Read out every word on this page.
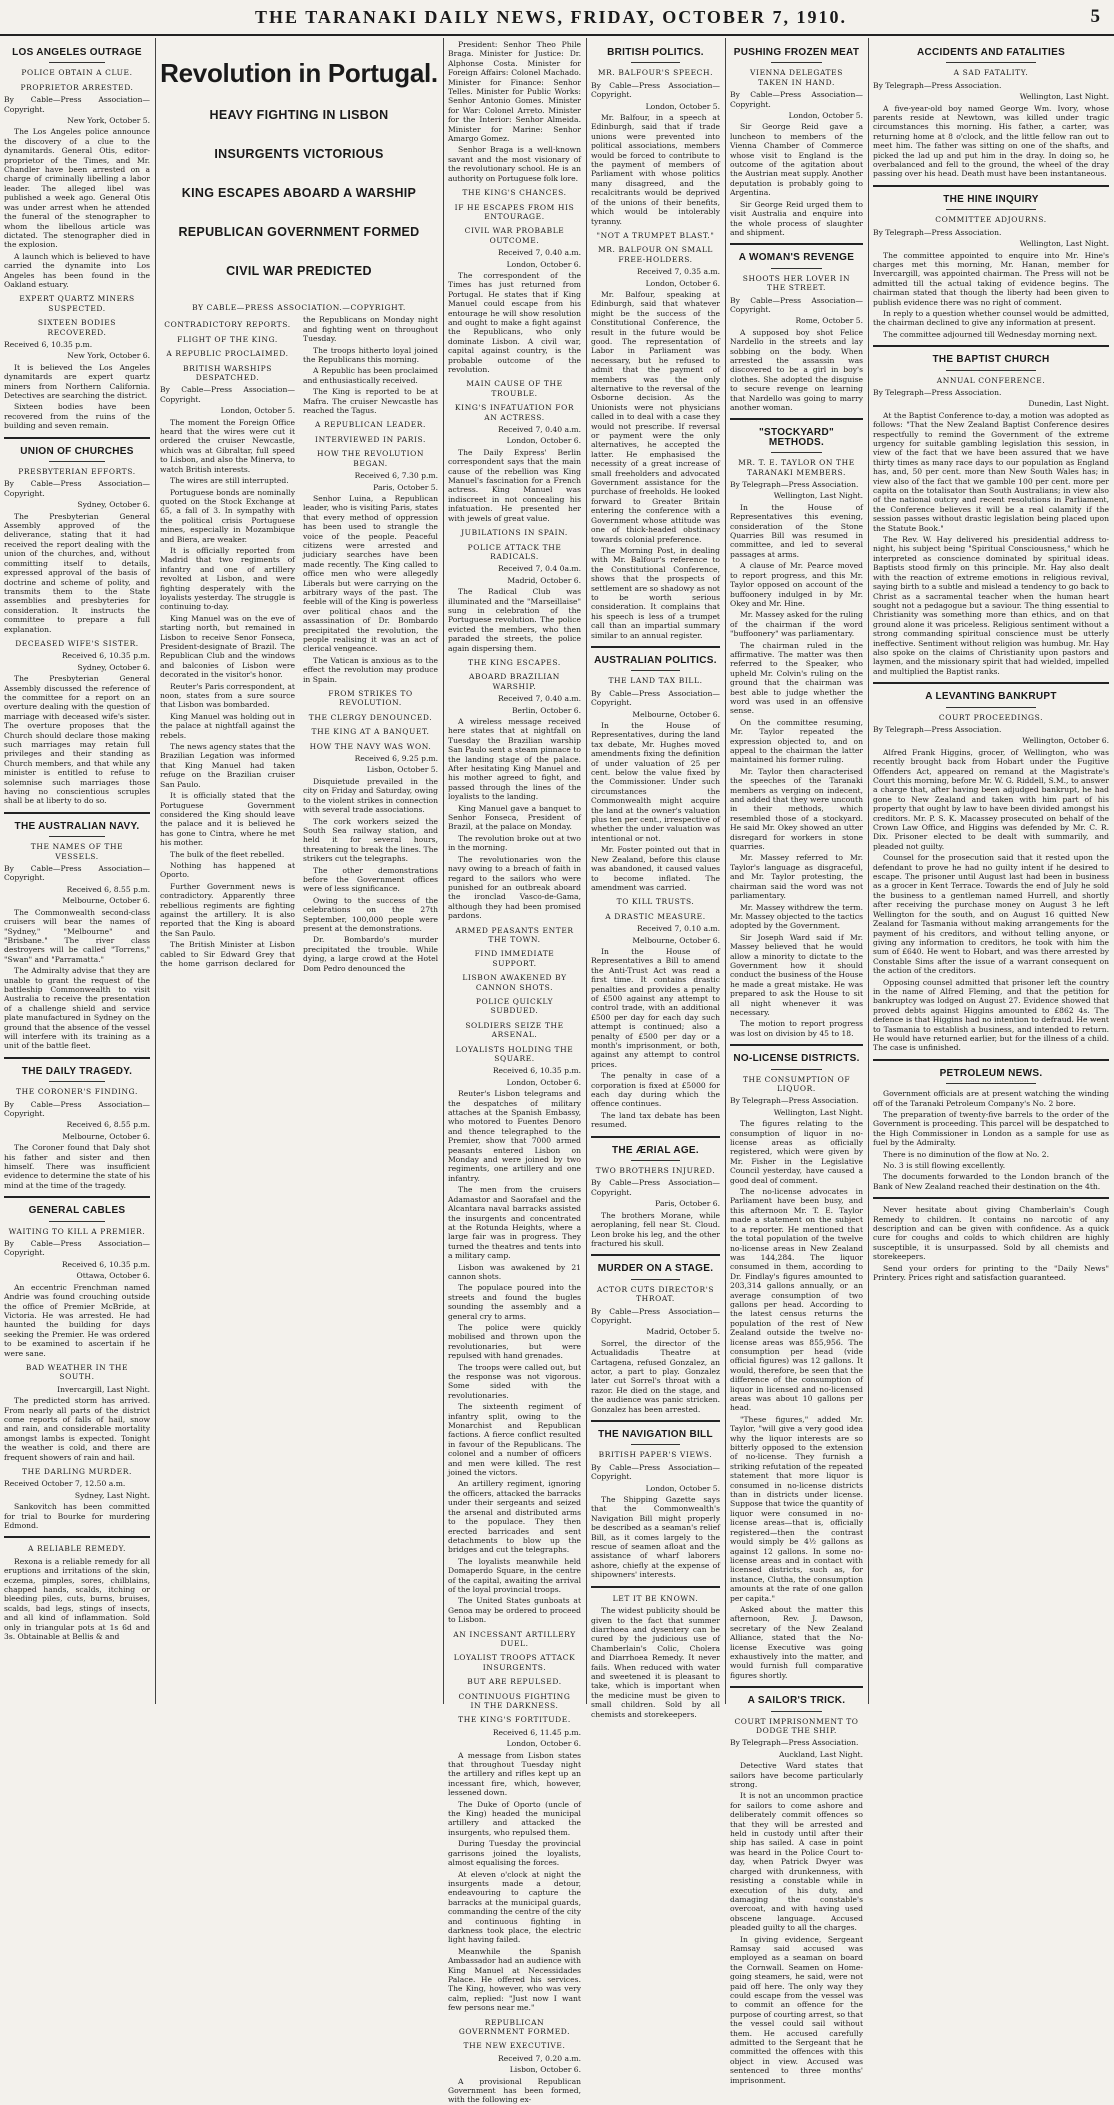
THE TARANAKI DAILY NEWS, FRIDAY, OCTOBER 7, 1910.	5
LOS ANGELES OUTRAGE
POLICE OBTAIN A CLUE.
PROPRIETOR ARRESTED.

By Cable—Press Association—Copyright.

New York, October 5.

The Los Angeles police announce the discovery of a clue to the dynamitards. General Otis, editor-proprietor of the Times, and Mr. Chandler have been arrested on a charge of criminally libelling a labor leader. The alleged libel was published a week ago. General Otis was under arrest when he attended the funeral of the stenographer to whom the libellous article was dictated. The stenographer died in the explosion.

A launch which is believed to have carried the dynamite into Los Angeles has been found in the Oakland estuary.

EXPERT QUARTZ MINERS SUSPECTED.
SIXTEEN BODIES RECOVERED.

Received 6, 10.35 p.m.

New York, October 6.

It is believed the Los Angeles dynamitards are expert quartz miners from Northern California. Detectives are searching the district.

Sixteen bodies have been recovered from the ruins of the building and seven remain.

UNION OF CHURCHES
PRESBYTERIAN EFFORTS.

By Cable—Press Association—Copyright.

Sydney, October 6.

The Presbyterian General Assembly approved of the deliverance, stating that it had received the report dealing with the union of the churches, and, without committing itself to details, expressed approval of the basis of doctrine and scheme of polity, and transmits them to the State assemblies and presbyteries for consideration. It instructs the committee to prepare a full explanation.

DECEASED WIFE'S SISTER.

Received 6, 10.35 p.m.

Sydney, October 6.

The Presbyterian General Assembly discussed the reference of the committee for a report on an overture dealing with the question of marriage with deceased wife's sister. The overture proposes that the Church should declare those making such marriages may retain full privileges and their standing as Church members, and that while any minister is entitled to refuse to solemnise such marriages those having no conscientious scruples shall be at liberty to do so.

THE AUSTRALIAN NAVY.
THE NAMES OF THE VESSELS.

By Cable—Press Association—Copyright.

Received 6, 8.55 p.m.

Melbourne, October 6.

The Commonwealth second-class cruisers will bear the names of "Sydney," "Melbourne" and "Brisbane." The river class destroyers will be called "Torrens," "Swan" and "Parramatta."

The Admiralty advise that they are unable to grant the request of the battleship Commonwealth to visit Australia to receive the presentation of a challenge shield and service plate manufactured in Sydney on the ground that the absence of the vessel will interfere with its training as a unit of the battle fleet.

THE DAILY TRAGEDY.
THE CORONER'S FINDING.

By Cable—Press Association—Copyright.

Received 6, 8.55 p.m.

Melbourne, October 6.

The Coroner found that Daly shot his father and sister and then himself. There was insufficient evidence to determine the state of his mind at the time of the tragedy.

GENERAL CABLES
WAITING TO KILL A PREMIER.

By Cable—Press Association—Copyright.

Received 6, 10.35 p.m.

Ottawa, October 6.

An eccentric Frenchman named Andrie was found crouching outside the office of Premier McBride, at Victoria. He was arrested. He had haunted the building for days seeking the Premier. He was ordered to be examined to ascertain if he were sane.

BAD WEATHER IN THE SOUTH.

Invercargill, Last Night.

The predicted storm has arrived. From nearly all parts of the district come reports of falls of hail, snow and rain, and considerable mortality amongst lambs is expected. Tonight the weather is cold, and there are frequent showers of rain and hail.

THE DARLING MURDER.

Received October 7, 12.50 a.m.

Sydney, Last Night.

Sankovitch has been committed for trial to Bourke for murdering Edmond.

A RELIABLE REMEDY.

Rexona is a reliable remedy for all eruptions and irritations of the skin, eczema, pimples, sores, chilblains, chapped hands, scalds, itching or bleeding piles, cuts, burns, bruises, scalds, bad legs, stings of insects, and all kind of inflammation. Sold only in triangular pots at 1s 6d and 3s. Obtainable at Bellis & and

Revolution in Portugal.
HEAVY FIGHTING IN LISBON
INSURGENTS VICTORIOUS
KING ESCAPES ABOARD A WARSHIP
REPUBLICAN GOVERNMENT FORMED
CIVIL WAR PREDICTED
BY CABLE—PRESS ASSOCIATION.—COPYRIGHT.
CONTRADICTORY REPORTS.
FLIGHT OF THE KING.
A REPUBLIC PROCLAIMED.
BRITISH WARSHIPS DESPATCHED.

By Cable—Press Association—Copyright.

London, October 5.

The moment the Foreign Office heard that the wires were cut it ordered the cruiser Newcastle, which was at Gibraltar, full speed to Lisbon, and also the Minerva, to watch British interests.

The wires are still interrupted.

Portuguese bonds are nominally quoted on the Stock Exchange at 65, a fall of 3. In sympathy with the political crisis Portuguese mines, especially in Mozambique and Biera, are weaker.

It is officially reported from Madrid that two regiments of infantry and one of artillery revolted at Lisbon, and were fighting desperately with the loyalists yesterday. The struggle is continuing to-day.

King Manuel was on the eve of starting north, but remained in Lisbon to receive Senor Fonseca, President-designate of Brazil. The Republican Club and the windows and balconies of Lisbon were decorated in the visitor's honor.

Reuter's Paris correspondent, at noon, states from a sure source that Lisbon was bombarded.

King Manuel was holding out in the palace at nightfall against the rebels.

The news agency states that the Brazilian Legation was informed that King Manuel had taken refuge on the Brazilian cruiser San Paulo.

It is officially stated that the Portuguese Government considered the King should leave the palace and it is believed he has gone to Cintra, where he met his mother.

The bulk of the fleet rebelled.

Nothing has happened at Oporto.

Further Government news is contradictory. Apparently three rebellious regiments are fighting against the artillery. It is also reported that the King is aboard the San Paulo.

The British Minister at Lisbon cabled to Sir Edward Grey that the home garrison declared for the Republicans on Monday night and fighting went on throughout Tuesday.

The troops hitherto loyal joined the Republicans this morning.

A Republic has been proclaimed and enthusiastically received.

The King is reported to be at Mafra. The cruiser Newcastle has reached the Tagus.

A REPUBLICAN LEADER.
INTERVIEWED IN PARIS.
HOW THE REVOLUTION BEGAN.

Received 6, 7.30 p.m.

Paris, October 5.

Senhor Luina, a Republican leader, who is visiting Paris, states that every method of oppression has been used to strangle the voice of the people. Peaceful citizens were arrested and judiciary searches have been made recently. The King called to office men who were allegedly Liberals but were carrying on the arbitrary ways of the past. The feeble will of the King is powerless over political chaos and the assassination of Dr. Bombardo precipitated the revolution, the people realising it was an act of clerical vengeance.

The Vatican is anxious as to the effect the revolution may produce in Spain.

FROM STRIKES TO REVOLUTION.
THE CLERGY DENOUNCED.
THE KING AT A BANQUET.
HOW THE NAVY WAS WON.

Received 6, 9.25 p.m.

Lisbon, October 5.

Disquietude prevailed in the city on Friday and Saturday, owing to the violent strikes in connection with several trade associations.

The cork workers seized the South Sea railway station, and held it for several hours, threatening to break the lines. The strikers cut the telegraphs.

The other demonstrations before the Government offices were of less significance.

Owing to the success of the celebrations on the 27th September, 100,000 people were present at the demonstrations.

Dr. Bombardo's murder precipitated the trouble. While dying, a large crowd at the Hotel Dom Pedro denounced the

President: Senhor Theo Phile Braga. Minister for Justice: Dr. Alphonse Costa. Minister for Foreign Affairs: Colonel Machado. Minister for Finance: Senhor Telles. Minister for Public Works: Senhor Antonio Gomes. Minister for War: Colonel Arreto. Minister for the Interior: Senhor Almeida. Minister for Marine: Senhor Amargo Gomez.

Senhor Braga is a well-known savant and the most visionary of the revolutionary school. He is an authority on Portuguese folk lore.

THE KING'S CHANCES.
IF HE ESCAPES FROM HIS ENTOURAGE.
CIVIL WAR PROBABLE OUTCOME.

Received 7, 0.40 a.m.

London, October 6.

The correspondent of the Times has just returned from Portugal. He states that if King Manuel could escape from his entourage he will show resolution and ought to make a fight against the Republicans, who only dominate Lisbon. A civil war, capital against country, is the probable outcome of the revolution.

MAIN CAUSE OF THE TROUBLE.
KING'S INFATUATION FOR AN ACTRESS.

Received 7, 0.40 a.m.

London, October 6.

The Daily Express' Berlin correspondent says that the main cause of the rebellion was King Manuel's fascination for a French actress. King Manuel was indiscreet in not concealing his infatuation. He presented her with jewels of great value.

JUBILATIONS IN SPAIN.
POLICE ATTACK THE RADICALS.

Received 7, 0.4 0a.m.

Madrid, October 6.

The Radical Club was illuminated and the "Marseillaise" sung in celebration of the Portuguese revolution. The police evicted the members, who then paraded the streets, the police again dispersing them.

THE KING ESCAPES.
ABOARD BRAZILIAN WARSHIP.

Received 7, 0.40 a.m.

Berlin, October 6.

A wireless message received here states that at nightfall on Tuesday the Brazilian warship San Paulo sent a steam pinnace to the landing stage of the palace. After hesitating King Manuel and his mother agreed to fight, and passed through the lines of the loyalists to the landing.

King Manuel gave a banquet to Senhor Fonseca, President of Brazil, at the palace on Monday.

The revolution broke out at two in the morning.

The revolutionaries won the navy owing to a breach of faith in regard to the sailors who were punished for an outbreak aboard the ironclad Vasco-de-Gama, although they had been promised pardons.

ARMED PEASANTS ENTER THE TOWN.
FIND IMMEDIATE SUPPORT.
LISBON AWAKENED BY CANNON SHOTS.
POLICE QUICKLY SUBDUED.
SOLDIERS SEIZE THE ARSENAL.
LOYALISTS HOLDING THE SQUARE.

Received 6, 10.35 p.m.

London, October 6.

Reuter's Lisbon telegrams and the despatches of military attaches at the Spanish Embassy, who motored to Fuentes Denoro and thence telegraphed to the Premier, show that 7000 armed peasants entered Lisbon on Monday and were joined by two regiments, one artillery and one infantry.

The men from the cruisers Adamastor and Saorafael and the Alcantara naval barracks assisted the insurgents and concentrated at the Rotunda Heights, where a large fair was in progress. They turned the theatres and tents into a military camp.

Lisbon was awakened by 21 cannon shots.

The populace poured into the streets and found the bugles sounding the assembly and a general cry to arms.

The police were quickly mobilised and thrown upon the revolutionaries, but were repulsed with hand grenades.

The troops were called out, but the response was not vigorous. Some sided with the revolutionaries.

The sixteenth regiment of infantry split, owing to the Monarchist and Republican factions. A fierce conflict resulted in favour of the Republicans. The colonel and a number of officers and men were killed. The rest joined the victors.

An artillery regiment, ignoring the officers, attacked the barracks under their sergeants and seized the arsenal and distributed arms to the populace. They then erected barricades and sent detachments to blow up the bridges and cut the telegraphs.

The loyalists meanwhile held Domaperdo Square, in the centre of the capital, awaiting the arrival of the loyal provincial troops.

The United States gunboats at Genoa may be ordered to proceed to Lisbon.

AN INCESSANT ARTILLERY DUEL.
LOYALIST TROOPS ATTACK INSURGENTS.
BUT ARE REPULSED.
CONTINUOUS FIGHTING IN THE DARKNESS.
THE KING'S FORTITUDE.

Received 6, 11.45 p.m.

London, October 6.

A message from Lisbon states that throughout Tuesday night the artillery and rifles kept up an incessant fire, which, however, lessened down.

The Duke of Oporto (uncle of the King) headed the municipal artillery and attacked the insurgents, who repulsed them.

During Tuesday the provincial garrisons joined the loyalists, almost equalising the forces.

At eleven o'clock at night the insurgents made a detour, endeavouring to capture the barracks at the municipal guards, commanding the centre of the city and continuous fighting in darkness took place, the electric light having failed.

Meanwhile the Spanish Ambassador had an audience with King Manuel at Necessidades Palace. He offered his services. The King, however, who was very calm, replied: "Just now I want few persons near me."

REPUBLICAN GOVERNMENT FORMED.
THE NEW EXECUTIVE.

Received 7, 0.20 a.m.

Lisbon, October 6.

A provisional Republican Government has been formed, with the following ex-

BRITISH POLITICS.
MR. BALFOUR'S SPEECH.

By Cable—Press Association—Copyright.

London, October 5.

Mr. Balfour, in a speech at Edinburgh, said that if trade unions were prevented into political associations, members would be forced to contribute to the payment of members of Parliament with whose politics many disagreed, and the recalcitrants would be deprived of the unions of their benefits, which would be intolerably tyranny.

"NOT A TRUMPET BLAST."
MR. BALFOUR ON SMALL FREE-HOLDERS.

Received 7, 0.35 a.m.

London, October 6.

Mr. Balfour, speaking at Edinburgh, said that whatever might be the success of the Constitutional Conference, the result in the future would be good. The representation of Labor in Parliament was necessary, but he refused to admit that the payment of members was the only alternative to the reversal of the Osborne decision. As the Unionists were not physicians called in to deal with a case they would not prescribe. If reversal or payment were the only alternatives, he accepted the latter. He emphasised the necessity of a great increase of small freeholders and advocated Government assistance for the purchase of freeholds. He looked forward to Greater Britain entering the conference with a Government whose attitude was one of thick-headed obstinacy towards colonial preference.

The Morning Post, in dealing with Mr. Balfour's reference to the Constitutional Conference, shows that the prospects of settlement are so shadowy as not to be worth serious consideration. It complains that his speech is less of a trumpet call than an impartial summary similar to an annual register.

AUSTRALIAN POLITICS.
THE LAND TAX BILL.

By Cable—Press Association—Copyright.

Melbourne, October 6.

In the House of Representatives, during the land tax debate, Mr. Hughes moved amendments fixing the definition of under valuation of 25 per cent. below the value fixed by the Commissioner. Under such circumstances the Commonwealth might acquire the land at the owner's valuation plus ten per cent., irrespective of whether the under valuation was intentional or not.

Mr. Foster pointed out that in New Zealand, before this clause was abandoned, it caused values to become inflated. The amendment was carried.

TO KILL TRUSTS.
A DRASTIC MEASURE.

Received 7, 0.10 a.m.

Melbourne, October 6.

In the House of Representatives a Bill to amend the Anti-Trust Act was read a first time. It contains drastic penalties and provides a penalty of £500 against any attempt to control trade, with an additional £500 per day for each day such attempt is continued; also a penalty of £500 per day or a month's imprisonment, or both, against any attempt to control prices.

The penalty in case of a corporation is fixed at £5000 for each day during which the offence continues.

The land tax debate has been resumed.

THE ÆRIAL AGE.
TWO BROTHERS INJURED.

By Cable—Press Association—Copyright.

Paris, October 6.

The brothers Morane, while aeroplaning, fell near St. Cloud. Leon broke his leg, and the other fractured his skull.

MURDER ON A STAGE.
ACTOR CUTS DIRECTOR'S THROAT.

By Cable—Press Association—Copyright.

Madrid, October 5.

Sorrel, the director of the Actualidadis Theatre at Cartagena, refused Gonzalez, an actor, a part to play. Gonzalez later cut Sorrel's throat with a razor. He died on the stage, and the audience was panic stricken. Gonzalez has been arrested.

THE NAVIGATION BILL
BRITISH PAPER'S VIEWS.

By Cable—Press Association—Copyright.

London, October 5.

The Shipping Gazette says that the Commonwealth's Navigation Bill might properly be described as a seaman's relief Bill, as it comes largely to the rescue of seamen afloat and the assistance of wharf laborers ashore, chiefly at the expense of shipowners' interests.

LET IT BE KNOWN.

The widest publicity should be given to the fact that summer diarrhoea and dysentery can be cured by the judicious use of Chamberlain's Colic, Cholera and Diarrhoea Remedy. It never fails. When reduced with water and sweetened it is pleasant to take, which is important when the medicine must be given to small children. Sold by all chemists and storekeepers.

PUSHING FROZEN MEAT
VIENNA DELEGATES TAKEN IN HAND.

By Cable—Press Association—Copyright.

London, October 5.

Sir George Reid gave a luncheon to members of the Vienna Chamber of Commerce whose visit to England is the outcome of the agitation about the Austrian meat supply. Another deputation is probably going to Argentina.

Sir George Reid urged them to visit Australia and enquire into the whole process of slaughter and shipment.

A WOMAN'S REVENGE
SHOOTS HER LOVER IN THE STREET.

By Cable—Press Association—Copyright.

Rome, October 5.

A supposed boy shot Felice Nardello in the streets and lay sobbing on the body. When arrested the assassin was discovered to be a girl in boy's clothes. She adopted the disguise to secure revenge on learning that Nardello was going to marry another woman.

"STOCKYARD" METHODS.
MR. T. E. TAYLOR ON THE TARANAKI MEMBERS.

By Telegraph—Press Association.

Wellington, Last Night.

In the House of Representatives this evening, consideration of the Stone Quarries Bill was resumed in committee, and led to several passages at arms.

A clause of Mr. Pearce moved to report progress, and this Mr. Taylor opposed on account of the buffoonery indulged in by Mr. Okey and Mr. Hine.

Mr. Massey asked for the ruling of the chairman if the word "buffoonery" was parliamentary.

The chairman ruled in the affirmative. The matter was then referred to the Speaker, who upheld Mr. Colvin's ruling on the ground that the chairman was best able to judge whether the word was used in an offensive sense.

On the committee resuming, Mr. Taylor repeated the expression objected to, and on appeal to the chairman the latter maintained his former ruling.

Mr. Taylor then characterised the speeches of the Taranaki members as verging on indecent, and added that they were uncouth in their methods, which resembled those of a stockyard. He said Mr. Okey showed an utter disregard for workers in stone quarries.

Mr. Massey referred to Mr. Taylor's language as disgraceful, and Mr. Taylor protesting, the chairman said the word was not parliamentary.

Mr. Massey withdrew the term. Mr. Massey objected to the tactics adopted by the Government.

Sir Joseph Ward said if Mr. Massey believed that he would allow a minority to dictate to the Government how it should conduct the business of the House he made a great mistake. He was prepared to ask the House to sit all night whenever it was necessary.

The motion to report progress was lost on division by 45 to 18.

NO-LICENSE DISTRICTS.
THE CONSUMPTION OF LIQUOR.

By Telegraph—Press Association.

Wellington, Last Night.

The figures relating to the consumption of liquor in no-license areas as officially registered, which were given by Mr. Fisher in the Legislative Council yesterday, have caused a good deal of comment.

The no-license advocates in Parliament have been busy, and this afternoon Mr. T. E. Taylor made a statement on the subject to a reporter. He mentioned that the total population of the twelve no-license areas in New Zealand was 144,284. The liquor consumed in them, according to Dr. Findlay's figures amounted to 203,314 gallons annually, or an average consumption of two gallons per head. According to the latest census returns the population of the rest of New Zealand outside the twelve no-license areas was 855,956. The consumption per head (vide official figures) was 12 gallons. It would, therefore, be seen that the difference of the consumption of liquor in licensed and no-licensed areas was about 10 gallons per head.

"These figures," added Mr. Taylor, "will give a very good idea why the liquor interests are so bitterly opposed to the extension of no-license. They furnish a striking refutation of the repeated statement that more liquor is consumed in no-license districts than in districts under license. Suppose that twice the quantity of liquor were consumed in no-license areas—that is, officially registered—then the contrast would simply be 4½ gallons as against 12 gallons. In some no-license areas and in contact with licensed districts, such as, for instance, Clutha, the consumption amounts at the rate of one gallon per capita."

Asked about the matter this afternoon, Rev. J. Dawson, secretary of the New Zealand Alliance, stated that the No-license Executive was going exhaustively into the matter, and would furnish full comparative figures shortly.

A SAILOR'S TRICK.
COURT IMPRISONMENT TO DODGE THE SHIP.

By Telegraph—Press Association.

Auckland, Last Night.

Detective Ward states that sailors have become particularly strong.

It is not an uncommon practice for sailors to come ashore and deliberately commit offences so that they will be arrested and held in custody until after their ship has sailed. A case in point was heard in the Police Court to-day, when Patrick Dwyer was charged with drunkenness, with resisting a constable while in execution of his duty, and damaging the constable's overcoat, and with having used obscene language. Accused pleaded guilty to all the charges.

In giving evidence, Sergeant Ramsay said accused was employed as a seaman on board the Cornwall. Seamen on Home-going steamers, he said, were not paid off here. The only way they could escape from the vessel was to commit an offence for the purpose of courting arrest, so that the vessel could sail without them. He accused carefully admitted to the Sergeant that he committed the offences with this object in view. Accused was sentenced to three months' imprisonment.

ACCIDENTS AND FATALITIES
A SAD FATALITY.

By Telegraph—Press Association.

Wellington, Last Night.

A five-year-old boy named George Wm. Ivory, whose parents reside at Newtown, was killed under tragic circumstances this morning. His father, a carter, was returning home at 8 o'clock, and the little fellow ran out to meet him. The father was sitting on one of the shafts, and picked the lad up and put him in the dray. In doing so, he overbalanced and fell to the ground, the wheel of the dray passing over his head. Death must have been instantaneous.

THE HINE INQUIRY
COMMITTEE ADJOURNS.

By Telegraph—Press Association.

Wellington, Last Night.

The committee appointed to enquire into Mr. Hine's charges met this morning, Mr. Hanan, member for Invercargill, was appointed chairman. The Press will not be admitted till the actual taking of evidence begins. The chairman stated that though the liberty had been given to publish evidence there was no right of comment.

In reply to a question whether counsel would be admitted, the chairman declined to give any information at present.

The committee adjourned till Wednesday morning next.

THE BAPTIST CHURCH
ANNUAL CONFERENCE.

By Telegraph—Press Association.

Dunedin, Last Night.

At the Baptist Conference to-day, a motion was adopted as follows: "That the New Zealand Baptist Conference desires respectfully to remind the Government of the extreme urgency for suitable gambling legislation this session, in view of the fact that we have been assured that we have thirty times as many race days to our population as England has, and, 50 per cent. more than New South Wales has; in view also of the fact that we gamble 100 per cent. more per capita on the totalisator than South Australians; in view also of the national outcry and recent resolutions in Parliament, the Conference believes it will be a real calamity if the session passes without drastic legislation being placed upon the Statute Book."

The Rev. W. Hay delivered his presidential address to-night, his subject being "Spiritual Consciousness," which he interpreted as conscience dominated by spiritual ideas. Baptists stood firmly on this principle. Mr. Hay also dealt with the reaction of extreme emotions in religious revival, saying birth to a subtle and mislead a tendency to go back to Christ as a sacramental teacher when the human heart sought not a pedagogue but a saviour. The thing essential to Christianity was something more than ethics, and on that ground alone it was priceless. Religious sentiment without a strong commanding spiritual conscience must be utterly ineffective. Sentiment without religion was humbug. Mr. Hay also spoke on the claims of Christianity upon pastors and laymen, and the missionary spirit that had wielded, impelled and multiplied the Baptist ranks.

A LEVANTING BANKRUPT
COURT PROCEEDINGS.

By Telegraph—Press Association.

Wellington, October 6.

Alfred Frank Higgins, grocer, of Wellington, who was recently brought back from Hobart under the Fugitive Offenders Act, appeared on remand at the Magistrate's Court this morning, before Mr. W. G. Riddell, S.M., to answer a charge that, after having been adjudged bankrupt, he had gone to New Zealand and taken with him part of his property that ought by law to have been divided amongst his creditors. Mr. P. S. K. Macassey prosecuted on behalf of the Crown Law Office, and Higgins was defended by Mr. C. R. Dix. Prisoner elected to be dealt with summarily, and pleaded not guilty.

Counsel for the prosecution said that it rested upon the defendant to prove he had no guilty intent if he desired to escape. The prisoner until August last had been in business as a grocer in Kent Terrace. Towards the end of July he sold the business to a gentleman named Hurrell, and shortly after receiving the purchase money on August 3 he left Wellington for the south, and on August 16 quitted New Zealand for Tasmania without making arrangements for the payment of his creditors, and without telling anyone, or giving any information to creditors, he took with him the sum of £640. He went to Hobart, and was there arrested by Constable Sims after the issue of a warrant consequent on the action of the creditors.

Opposing counsel admitted that prisoner left the country in the name of Alfred Fleming, and that the petition for bankruptcy was lodged on August 27. Evidence showed that proved debts against Higgins amounted to £862 4s. The defence is that Higgins had no intention to defraud. He went to Tasmania to establish a business, and intended to return. He would have returned earlier, but for the illness of a child. The case is unfinished.

PETROLEUM NEWS.

Government officials are at present watching the winding off of the Taranaki Petroleum Company's No. 2 bore.

The preparation of twenty-five barrels to the order of the Government is proceeding. This parcel will be despatched to the High Commissioner in London as a sample for use as fuel by the Admiralty.

There is no diminution of the flow at No. 2.

No. 3 is still flowing excellently.

The documents forwarded to the London branch of the Bank of New Zealand reached their destination on the 4th.

Never hesitate about giving Chamberlain's Cough Remedy to children. It contains no narcotic of any description and can be given with confidence. As a quick cure for coughs and colds to which children are highly susceptible, it is unsurpassed. Sold by all chemists and storekeepers.

Send your orders for printing to the "Daily News" Printery. Prices right and satisfaction guaranteed.
